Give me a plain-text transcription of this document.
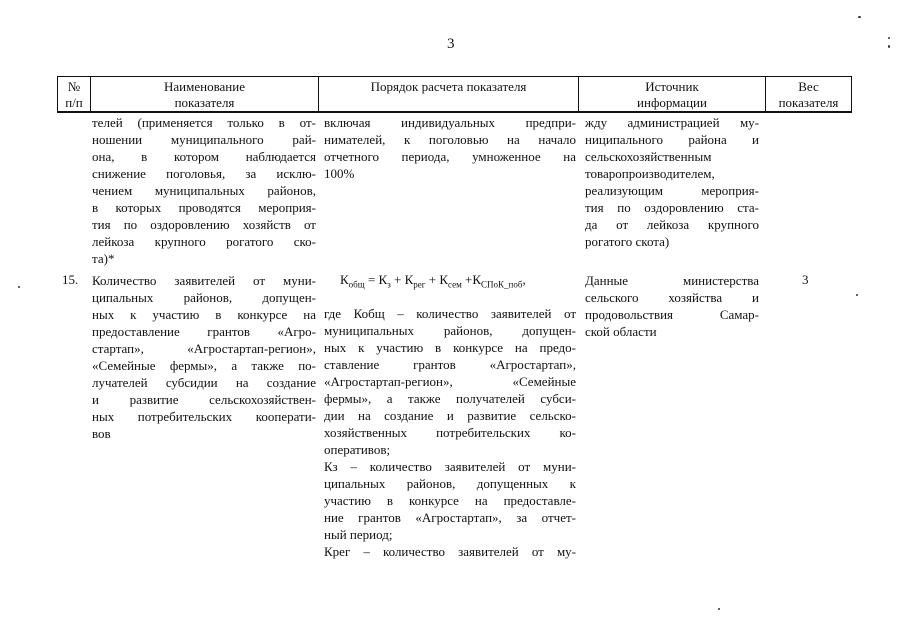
3
№
п/п
Наименование
показателя
Порядок расчета показателя	Источник
информации
Вес
показателя

телей (применяется только в от-

ношении муниципального рай-

она, в котором наблюдается

снижение поголовья, за исклю-

чением муниципальных районов,

в которых проводятся мероприя-

тия по оздоровлению хозяйств от

лейкоза крупного рогатого ско-

та)*

включая индивидуальных предпри-

нимателей, к поголовью на начало

отчетного периода, умноженное на

100%

жду администрацией му-

ниципального района и

сельскохозяйственным

товаропроизводителем,

реализующим мероприя-

тия по оздоровлению ста-

да от лейкоза крупного

рогатого скота)

15. Количество заявителей от муни-

ципальных районов, допущен-

ных к участию в конкурсе на

предоставление грантов «Агро-

стартап», «Агростартап-регион»,

«Семейные фермы», а также по-

лучателей субсидии на создание

и развитие сельскохозяйствен-

ных потребительских кооперати-

вов

$К_{общ} = К_з + К_{рег} + К_{сем} +К_{СПоК\_поб}$,

где Кобщ – количество заявителей от

муниципальных районов, допущен-

ных к участию в конкурсе на предо-

ставление грантов «Агростартап»,

«Агростартап-регион», «Семейные

фермы», а также получателей субси-

дии на создание и развитие сельско-

хозяйственных потребительских ко-

оперативов;

Кз – количество заявителей от муни-

ципальных районов, допущенных к

участию в конкурсе на предоставле-

ние грантов «Агростартап», за отчет-

ный период;

Крег – количество заявителей от му-

Данные министерства

сельского хозяйства и

продовольствия Самар-

ской области

3
